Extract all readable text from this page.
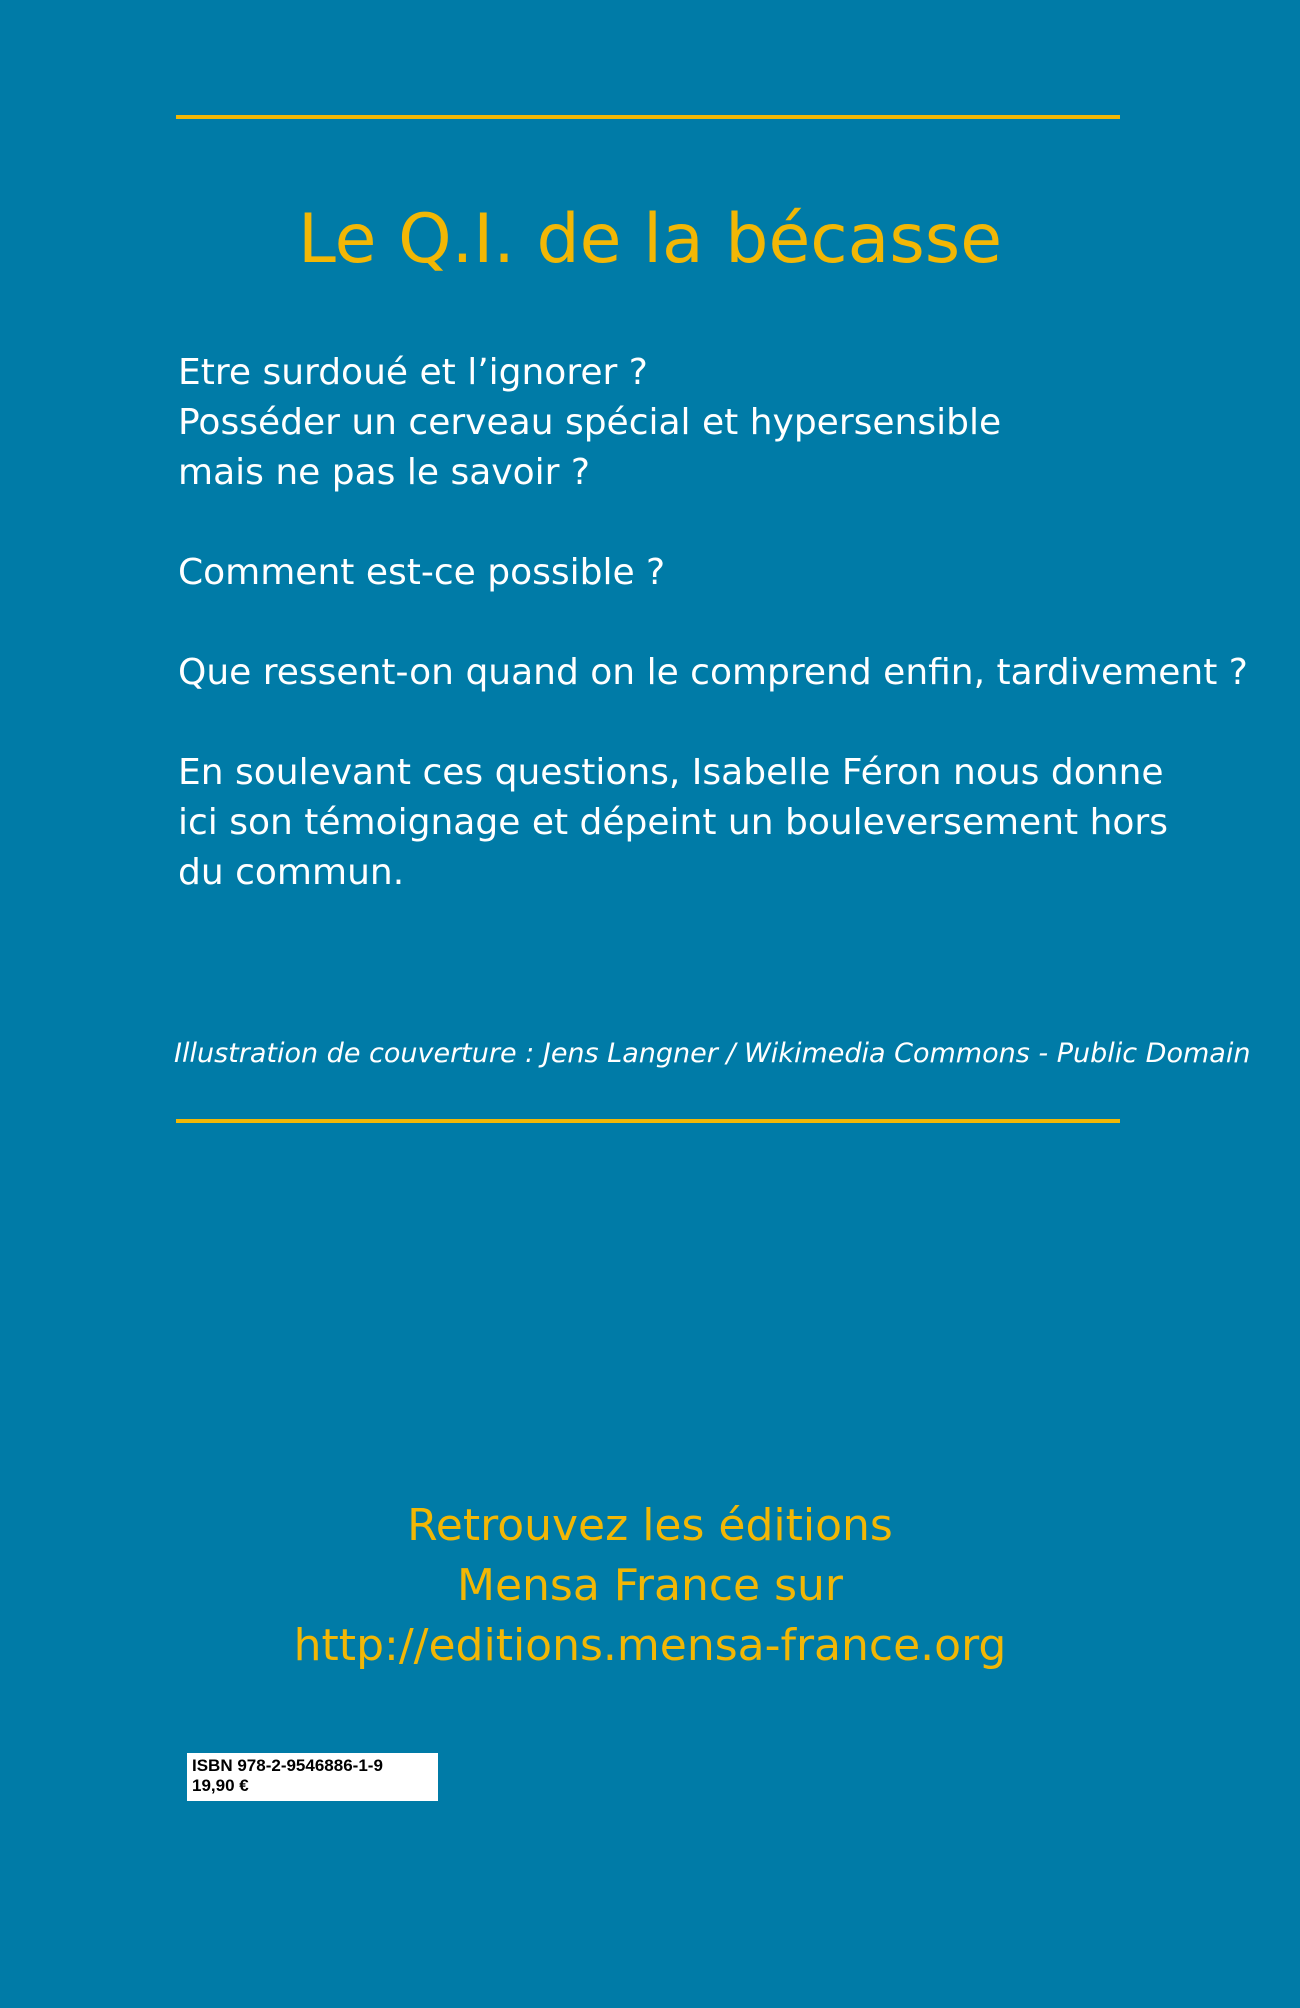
Le Q.I. de la bécasse

Etre surdoué et l’ignorer ?
Posséder un cerveau spécial et hypersensible
mais ne pas le savoir ?

Comment est-ce possible ?

Que ressent-on quand on le comprend enfin, tardivement ?

En soulevant ces questions, Isabelle Féron nous donne
ici son témoignage et dépeint un bouleversement hors
du commun.

Illustration de couverture : Jens Langner / Wikimedia Commons - Public Domain
Retrouvez les éditions
Mensa France sur
http://editions.mensa-france.org
ISBN 978-2-9546886-1-9
19,90 €
